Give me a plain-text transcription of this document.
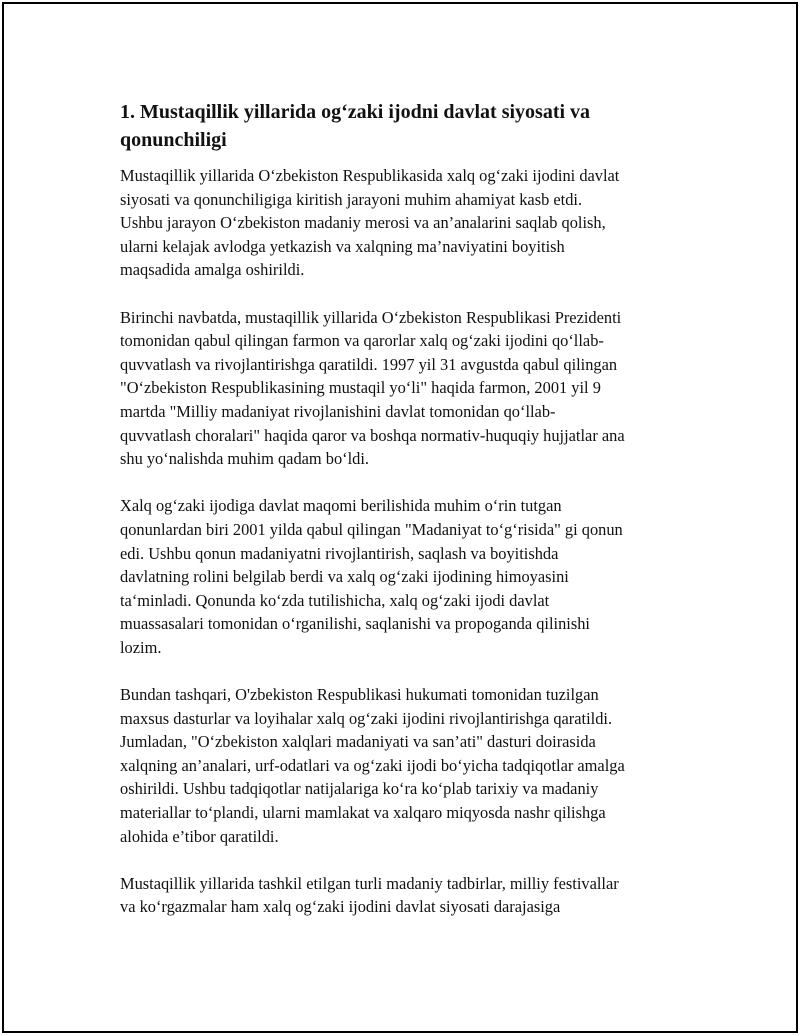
1. Mustaqillik yillarida og‘zaki ijodni davlat siyosati va qonunchiligi

Mustaqillik yillarida O‘zbekiston Respublikasida xalq og‘zaki ijodini davlat
siyosati va qonunchiligiga kiritish jarayoni muhim ahamiyat kasb etdi.
Ushbu jarayon O‘zbekiston madaniy merosi va an’analarini saqlab qolish,
ularni kelajak avlodga yetkazish va xalqning ma’naviyatini boyitish
maqsadida amalga oshirildi.

Birinchi navbatda, mustaqillik yillarida O‘zbekiston Respublikasi Prezidenti
tomonidan qabul qilingan farmon va qarorlar xalq og‘zaki ijodini qo‘llab-
quvvatlash va rivojlantirishga qaratildi. 1997 yil 31 avgustda qabul qilingan
"O‘zbekiston Respublikasining mustaqil yo‘li" haqida farmon, 2001 yil 9
martda "Milliy madaniyat rivojlanishini davlat tomonidan qo‘llab-
quvvatlash choralari" haqida qaror va boshqa normativ-huquqiy hujjatlar ana
shu yo‘nalishda muhim qadam bo‘ldi.

Xalq og‘zaki ijodiga davlat maqomi berilishida muhim o‘rin tutgan
qonunlardan biri 2001 yilda qabul qilingan "Madaniyat to‘g‘risida" gi qonun
edi. Ushbu qonun madaniyatni rivojlantirish, saqlash va boyitishda
davlatning rolini belgilab berdi va xalq og‘zaki ijodining himoyasini
ta‘minladi. Qonunda ko‘zda tutilishicha, xalq og‘zaki ijodi davlat
muassasalari tomonidan o‘rganilishi, saqlanishi va propoganda qilinishi
lozim.

Bundan tashqari, O'zbekiston Respublikasi hukumati tomonidan tuzilgan
maxsus dasturlar va loyihalar xalq og‘zaki ijodini rivojlantirishga qaratildi.
Jumladan, "O‘zbekiston xalqlari madaniyati va san’ati" dasturi doirasida
xalqning an’analari, urf-odatlari va og‘zaki ijodi bo‘yicha tadqiqotlar amalga
oshirildi. Ushbu tadqiqotlar natijalariga ko‘ra ko‘plab tarixiy va madaniy
materiallar to‘plandi, ularni mamlakat va xalqaro miqyosda nashr qilishga
alohida e’tibor qaratildi.

Mustaqillik yillarida tashkil etilgan turli madaniy tadbirlar, milliy festivallar
va ko‘rgazmalar ham xalq og‘zaki ijodini davlat siyosati darajasiga
